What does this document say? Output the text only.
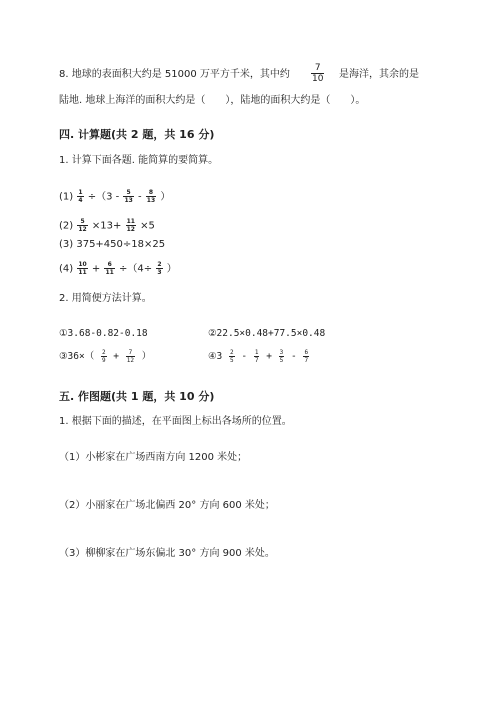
8. 地球的表面积大约是 51000 万平方千米，其中约 $\frac{7}{10}$ 是海洋，其余的是
陆地. 地球上海洋的面积大约是（　　），陆地的面积大约是（　　）。
四. 计算题(共 2 题，共 16 分)
1. 计算下面各题. 能简算的要简算。
$(1) \frac{1}{4} \div(3 - \frac{5}{13} - \frac{8}{13}$ ）
$(2) \frac{5}{12} \times 13+ \frac{11}{12} \times 5$
(3) 375+450÷18×25
$(4) \frac{10}{11} + \frac{6}{11} \div(4\div \frac{2}{3}$ ）
2. 用简便方法计算。
①3.68-0.82-0.18	②22.5×0.48+77.5×0.48
③36×（ $\frac{2}{9} + \frac{7}{12}$ ）	④3 $\frac{2}{5} - \frac{1}{7} + \frac{3}{5} - \frac{6}{7}$
五. 作图题(共 1 题，共 10 分)
1. 根据下面的描述，在平面图上标出各场所的位置。
（1）小彬家在广场西南方向 1200 米处；
（2）小丽家在广场北偏西 20° 方向 600 米处；
（3）柳柳家在广场东偏北 30° 方向 900 米处。
